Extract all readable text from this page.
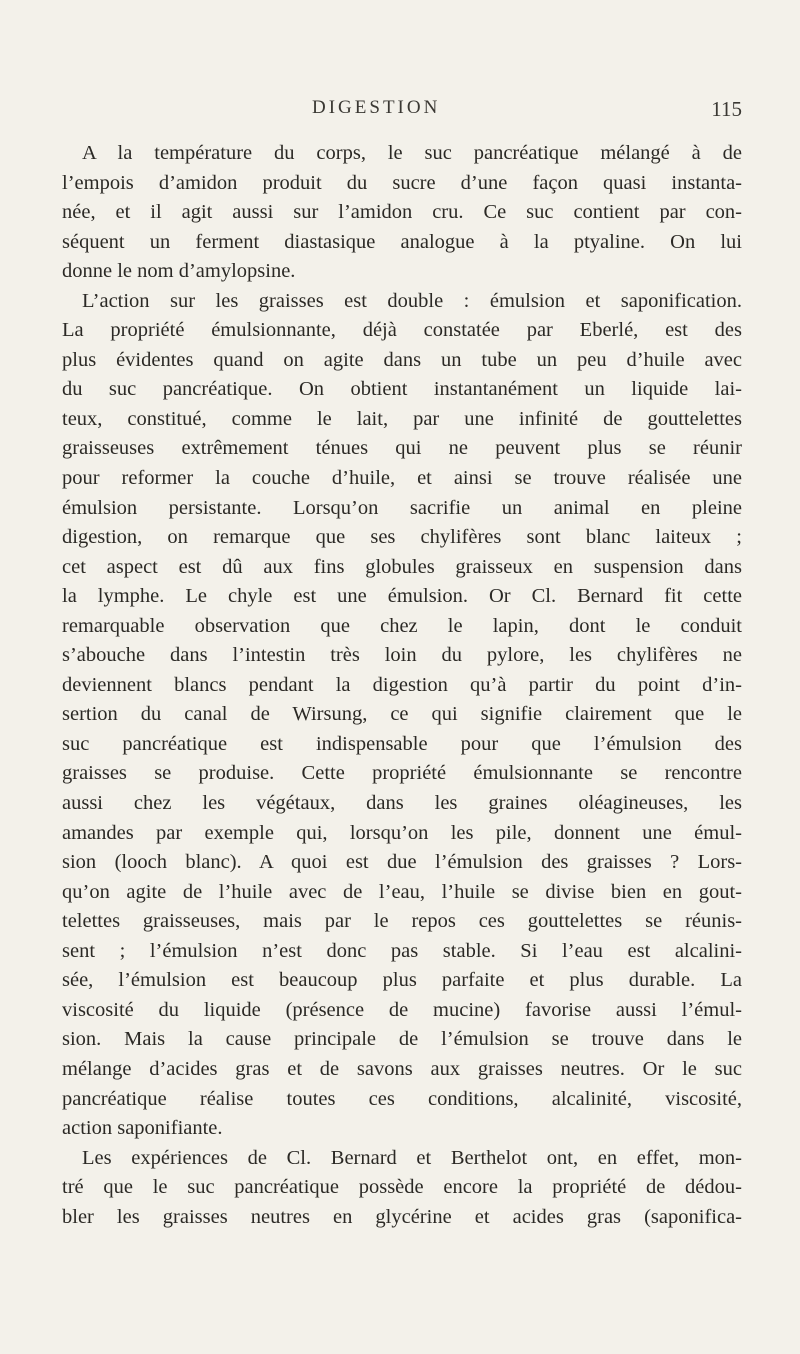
DIGESTION	115
A la température du corps, le suc pancréatique mélangé à de
l’empois d’amidon produit du sucre d’une façon quasi instanta-
née, et il agit aussi sur l’amidon cru. Ce suc contient par con-
séquent un ferment diastasique analogue à la ptyaline. On lui
donne le nom d’amylopsine.
L’action sur les graisses est double : émulsion et saponification.
La propriété émulsionnante, déjà constatée par Eberlé, est des
plus évidentes quand on agite dans un tube un peu d’huile avec
du suc pancréatique. On obtient instantanément un liquide lai-
teux, constitué, comme le lait, par une infinité de gouttelettes
graisseuses extrêmement ténues qui ne peuvent plus se réunir
pour reformer la couche d’huile, et ainsi se trouve réalisée une
émulsion persistante. Lorsqu’on sacrifie un animal en pleine
digestion, on remarque que ses chylifères sont blanc laiteux ;
cet aspect est dû aux fins globules graisseux en suspension dans
la lymphe. Le chyle est une émulsion. Or Cl. Bernard fit cette
remarquable observation que chez le lapin, dont le conduit
s’abouche dans l’intestin très loin du pylore, les chylifères ne
deviennent blancs pendant la digestion qu’à partir du point d’in-
sertion du canal de Wirsung, ce qui signifie clairement que le
suc pancréatique est indispensable pour que l’émulsion des
graisses se produise. Cette propriété émulsionnante se rencontre
aussi chez les végétaux, dans les graines oléagineuses, les
amandes par exemple qui, lorsqu’on les pile, donnent une émul-
sion (looch blanc). A quoi est due l’émulsion des graisses ? Lors-
qu’on agite de l’huile avec de l’eau, l’huile se divise bien en gout-
telettes graisseuses, mais par le repos ces gouttelettes se réunis-
sent ; l’émulsion n’est donc pas stable. Si l’eau est alcalini-
sée, l’émulsion est beaucoup plus parfaite et plus durable. La
viscosité du liquide (présence de mucine) favorise aussi l’émul-
sion. Mais la cause principale de l’émulsion se trouve dans le
mélange d’acides gras et de savons aux graisses neutres. Or le suc
pancréatique réalise toutes ces conditions, alcalinité, viscosité,
action saponifiante.
Les expériences de Cl. Bernard et Berthelot ont, en effet, mon-
tré que le suc pancréatique possède encore la propriété de dédou-
bler les graisses neutres en glycérine et acides gras (saponifica-
